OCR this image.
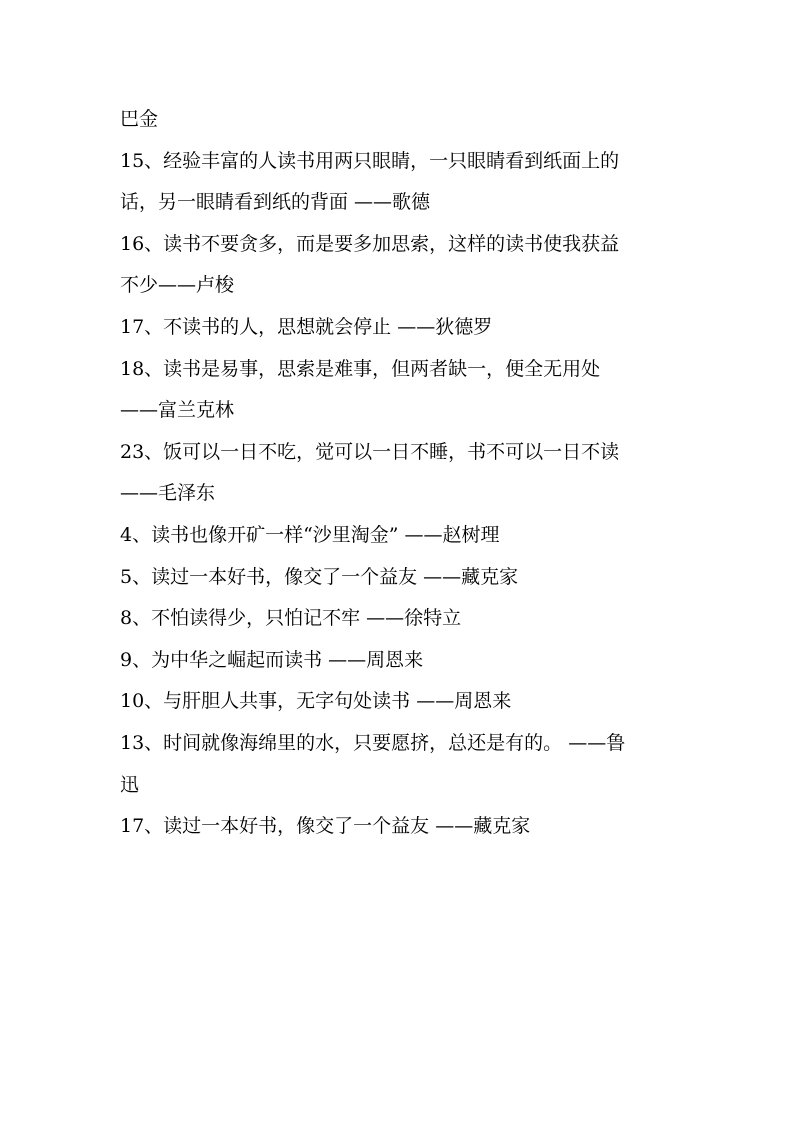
巴金
15、经验丰富的人读书用两只眼睛，一只眼睛看到纸面上的
话，另一眼睛看到纸的背面 ——歌德
16、读书不要贪多，而是要多加思索，这样的读书使我获益
不少——卢梭
17、不读书的人，思想就会停止 ——狄德罗
18、读书是易事，思索是难事，但两者缺一，便全无用处
——富兰克林
23、饭可以一日不吃，觉可以一日不睡，书不可以一日不读
——毛泽东
4、读书也像开矿一样“沙里淘金” ——赵树理
5、读过一本好书，像交了一个益友 ——藏克家
8、不怕读得少，只怕记不牢 ——徐特立
9、为中华之崛起而读书 ——周恩来
10、与肝胆人共事，无字句处读书 ——周恩来
13、时间就像海绵里的水，只要愿挤，总还是有的。 ——鲁
迅
17、读过一本好书，像交了一个益友 ——藏克家
